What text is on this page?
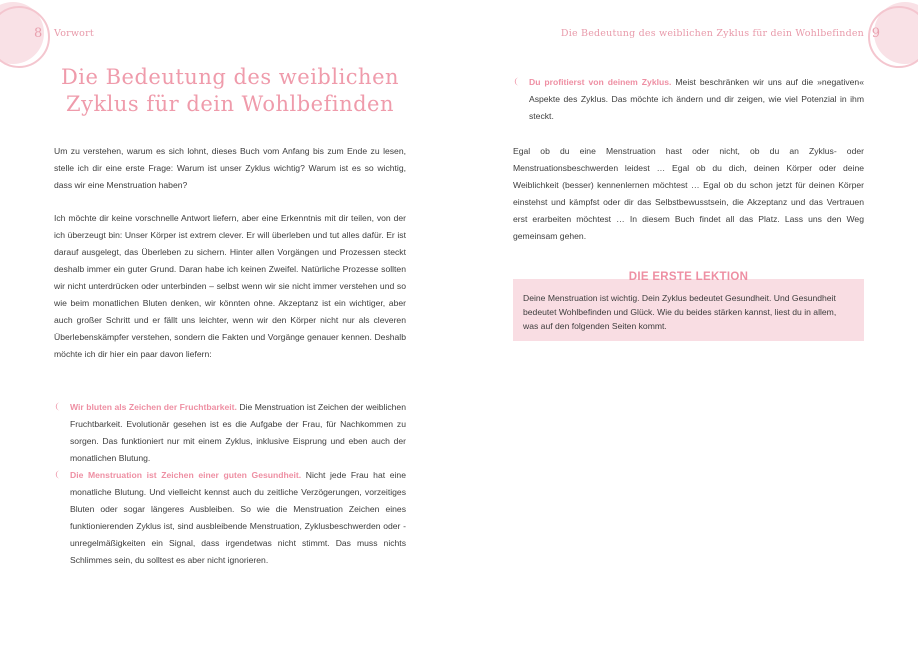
8 Vorwort
Die Bedeutung des weiblichen Zyklus für dein Wohlbefinden
Um zu verstehen, warum es sich lohnt, dieses Buch vom Anfang bis zum Ende zu lesen, stelle ich dir eine erste Frage: Warum ist unser Zyklus wichtig? Warum ist es so wichtig, dass wir eine Menstruation haben?
Ich möchte dir keine vorschnelle Antwort liefern, aber eine Erkenntnis mit dir teilen, von der ich überzeugt bin: Unser Körper ist extrem clever. Er will überleben und tut alles dafür. Er ist darauf ausgelegt, das Überleben zu sichern. Hinter allen Vorgängen und Prozessen steckt deshalb immer ein guter Grund. Daran habe ich keinen Zweifel. Natürliche Prozesse sollten wir nicht unterdrücken oder unterbinden – selbst wenn wir sie nicht immer verstehen und so wie beim monatlichen Bluten denken, wir könnten ohne. Akzeptanz ist ein wichtiger, aber auch großer Schritt und er fällt uns leichter, wenn wir den Körper nicht nur als cleveren Überlebenskämpfer verstehen, sondern die Fakten und Vorgänge genauer kennen. Deshalb möchte ich dir hier ein paar davon liefern:
Wir bluten als Zeichen der Fruchtbarkeit. Die Menstruation ist Zeichen der weiblichen Fruchtbarkeit. Evolutionär gesehen ist es die Aufgabe der Frau, für Nachkommen zu sorgen. Das funktioniert nur mit einem Zyklus, inklusive Eisprung und eben auch der monatlichen Blutung.
Die Menstruation ist Zeichen einer guten Gesundheit. Nicht jede Frau hat eine monatliche Blutung. Und vielleicht kennst auch du zeitliche Verzögerungen, vorzeitiges Bluten oder sogar längeres Ausbleiben. So wie die Menstruation Zeichen eines funktionierenden Zyklus ist, sind ausbleibende Menstruation, Zyklusbeschwerden oder -unregelmäßigkeiten ein Signal, dass irgendetwas nicht stimmt. Das muss nichts Schlimmes sein, du solltest es aber nicht ignorieren.
9
Die Bedeutung des weiblichen Zyklus für dein Wohlbefinden
Du profitierst von deinem Zyklus. Meist beschränken wir uns auf die »negativen« Aspekte des Zyklus. Das möchte ich ändern und dir zeigen, wie viel Potenzial in ihm steckt.
Egal ob du eine Menstruation hast oder nicht, ob du an Zyklus- oder Menstruationsbeschwerden leidest … Egal ob du dich, deinen Körper oder deine Weiblichkeit (besser) kennenlernen möchtest … Egal ob du schon jetzt für deinen Körper einstehst und kämpfst oder dir das Selbstbewusstsein, die Akzeptanz und das Vertrauen erst erarbeiten möchtest … In diesem Buch findet all das Platz. Lass uns den Weg gemeinsam gehen.
DIE ERSTE LEKTION
Deine Menstruation ist wichtig. Dein Zyklus bedeutet Gesundheit. Und Gesundheit bedeutet Wohlbefinden und Glück. Wie du beides stärken kannst, liest du in allem, was auf den folgenden Seiten kommt.
